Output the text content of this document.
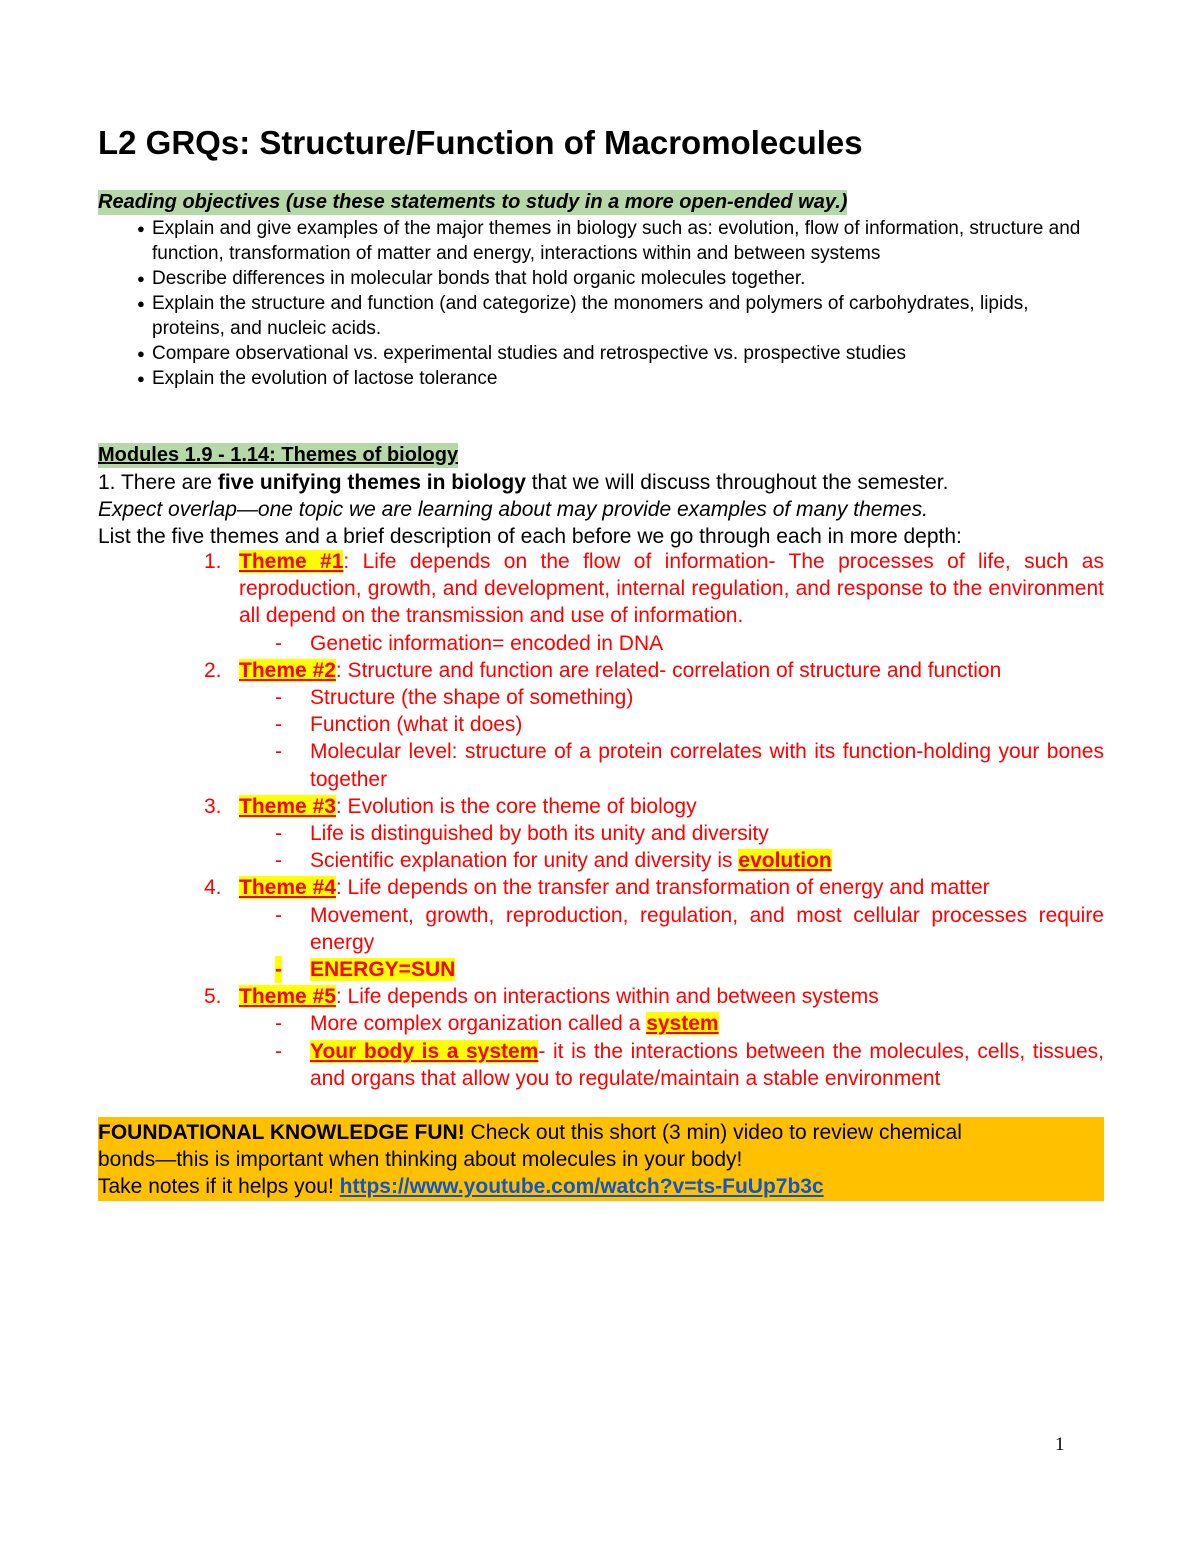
L2 GRQs: Structure/Function of Macromolecules
Reading objectives (use these statements to study in a more open-ended way.)
● Explain and give examples of the major themes in biology such as: evolution, flow of information, structure and function, transformation of matter and energy, interactions within and between systems
● Describe differences in molecular bonds that hold organic molecules together.
● Explain the structure and function (and categorize) the monomers and polymers of carbohydrates, lipids, proteins, and nucleic acids.
● Compare observational vs. experimental studies and retrospective vs. prospective studies
● Explain the evolution of lactose tolerance
Modules 1.9 - 1.14: Themes of biology
1. There are five unifying themes in biology that we will discuss throughout the semester.
Expect overlap—one topic we are learning about may provide examples of many themes.
List the five themes and a brief description of each before we go through each in more depth:
1. Theme #1: Life depends on the flow of information- The processes of life, such as reproduction, growth, and development, internal regulation, and response to the environment all depend on the transmission and use of information.
- Genetic information= encoded in DNA
2. Theme #2: Structure and function are related- correlation of structure and function
- Structure (the shape of something)
- Function (what it does)
- Molecular level: structure of a protein correlates with its function-holding your bones together
3. Theme #3: Evolution is the core theme of biology
- Life is distinguished by both its unity and diversity
- Scientific explanation for unity and diversity is evolution
4. Theme #4: Life depends on the transfer and transformation of energy and matter
- Movement, growth, reproduction, regulation, and most cellular processes require energy
- ENERGY=SUN
5. Theme #5: Life depends on interactions within and between systems
- More complex organization called a system
- Your body is a system- it is the interactions between the molecules, cells, tissues, and organs that allow you to regulate/maintain a stable environment
FOUNDATIONAL KNOWLEDGE FUN! Check out this short (3 min) video to review chemical
bonds—this is important when thinking about molecules in your body!
Take notes if it helps you! https://www.youtube.com/watch?v=ts-FuUp7b3c
1
